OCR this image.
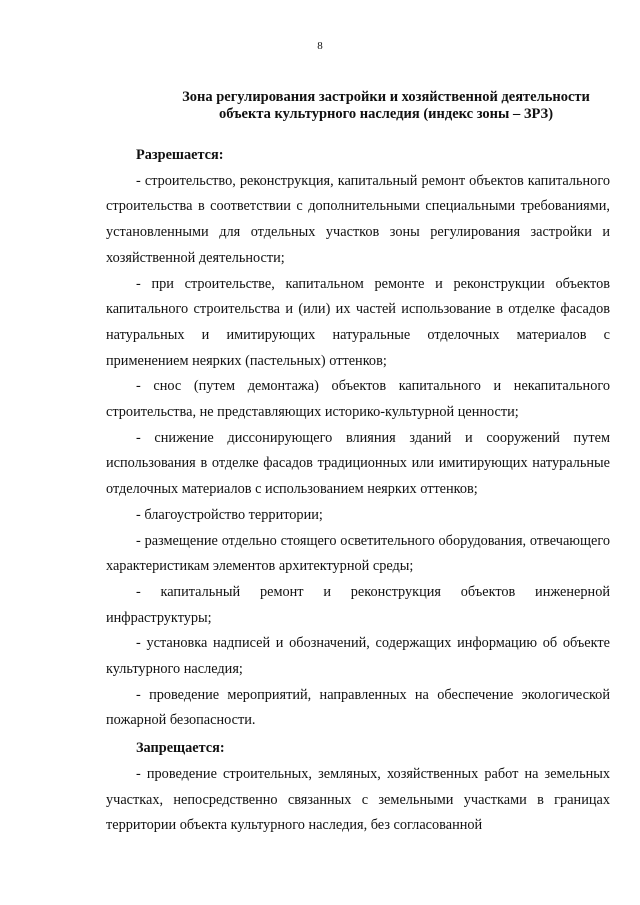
8
Зона регулирования застройки и хозяйственной деятельности
объекта культурного наследия (индекс зоны – ЗРЗ)

Разрешается:

- строительство, реконструкция, капитальный ремонт объектов капитального строительства в соответствии с дополнительными специальными требованиями, установленными для отдельных участков зоны регулирования застройки и хозяйственной деятельности;

- при строительстве, капитальном ремонте и реконструкции объектов капитального строительства и (или) их частей использование в отделке фасадов натуральных и имитирующих натуральные отделочных материалов с применением неярких (пастельных) оттенков;

- снос (путем демонтажа) объектов капитального и некапитального строительства, не представляющих историко-культурной ценности;

- снижение диссонирующего влияния зданий и сооружений путем использования в отделке фасадов традиционных или имитирующих натуральные отделочных материалов с использованием неярких оттенков;

- благоустройство территории;

- размещение отдельно стоящего осветительного оборудования, отвечающего характеристикам элементов архитектурной среды;

- капитальный ремонт и реконструкция объектов инженерной инфраструктуры;

- установка надписей и обозначений, содержащих информацию об объекте культурного наследия;

- проведение мероприятий, направленных на обеспечение экологической пожарной безопасности.

Запрещается:

- проведение строительных, земляных, хозяйственных работ на земельных участках, непосредственно связанных с земельными участками в границах территории объекта культурного наследия, без согласованной
